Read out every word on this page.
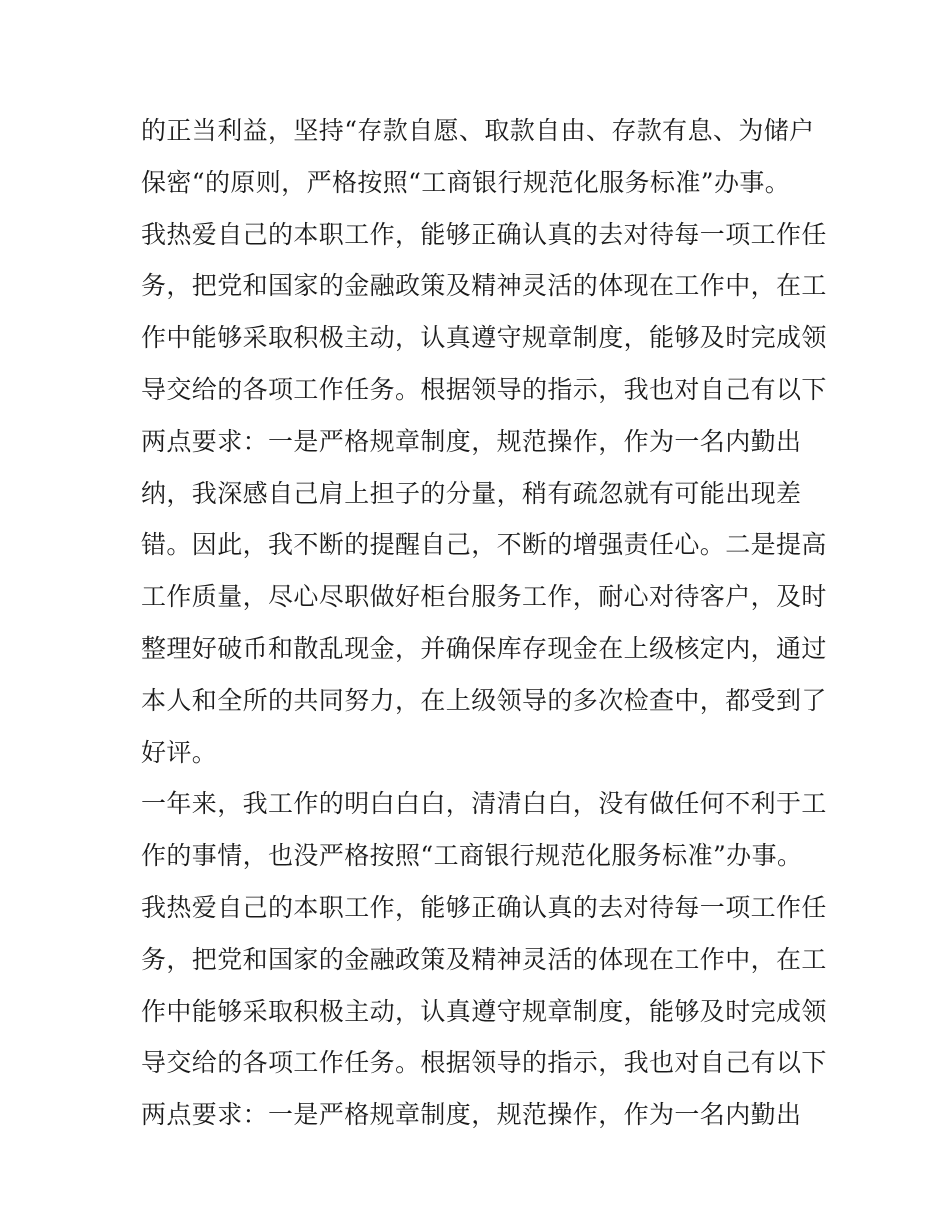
的正当利益，坚持“存款自愿、取款自由、存款有息、为储户
保密“的原则，严格按照“工商银行规范化服务标准”办事。
我热爱自己的本职工作，能够正确认真的去对待每一项工作任
务，把党和国家的金融政策及精神灵活的体现在工作中，在工
作中能够采取积极主动，认真遵守规章制度，能够及时完成领
导交给的各项工作任务。根据领导的指示，我也对自己有以下
两点要求：一是严格规章制度，规范操作，作为一名内勤出
纳，我深感自己肩上担子的分量，稍有疏忽就有可能出现差
错。因此，我不断的提醒自己，不断的增强责任心。二是提高
工作质量，尽心尽职做好柜台服务工作，耐心对待客户，及时
整理好破币和散乱现金，并确保库存现金在上级核定内，通过
本人和全所的共同努力，在上级领导的多次检查中，都受到了
好评。
一年来，我工作的明白白白，清清白白，没有做任何不利于工
作的事情，也没严格按照“工商银行规范化服务标准”办事。
我热爱自己的本职工作，能够正确认真的去对待每一项工作任
务，把党和国家的金融政策及精神灵活的体现在工作中，在工
作中能够采取积极主动，认真遵守规章制度，能够及时完成领
导交给的各项工作任务。根据领导的指示，我也对自己有以下
两点要求：一是严格规章制度，规范操作，作为一名内勤出
